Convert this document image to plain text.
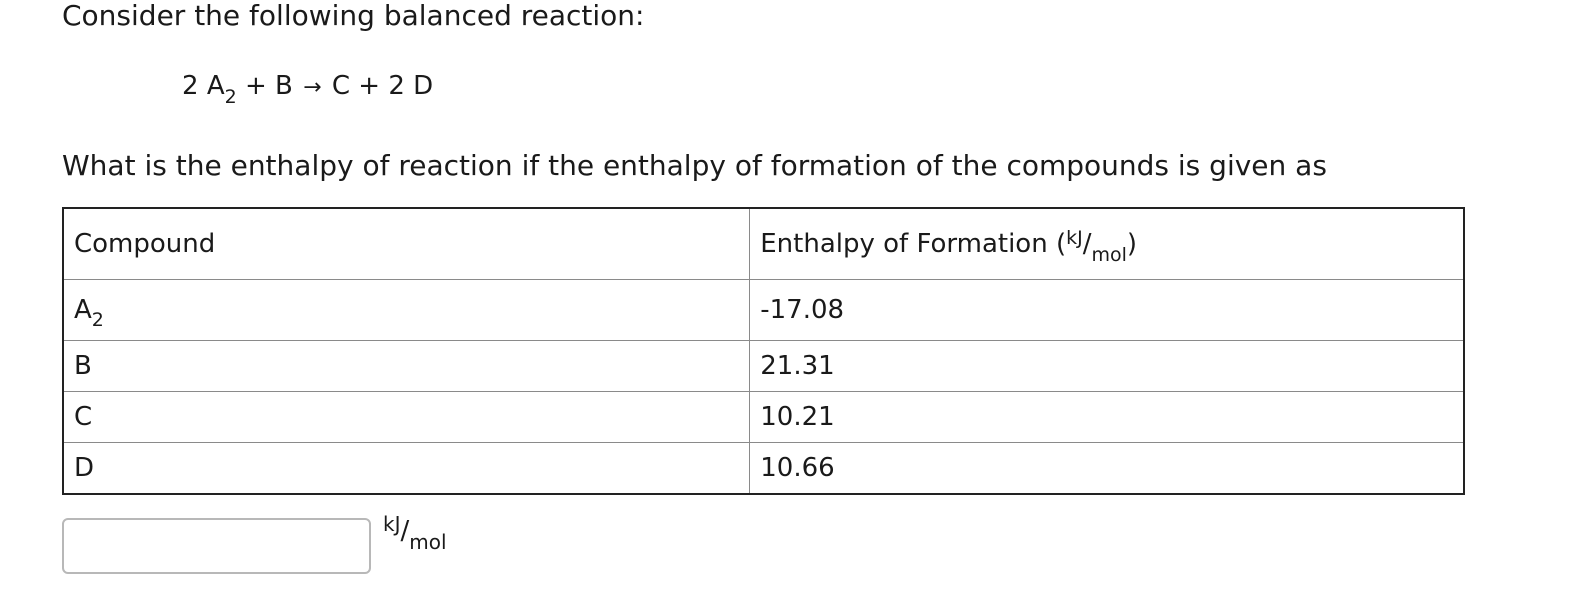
Consider the following balanced reaction:
2 $A_2 + B \to C + 2$ D
What is the enthalpy of reaction if the enthalpy of formation of the compounds is given as
Compound	Enthalpy of Formation $(^{kJ}/_{mol})$
$A_2$	-17.08
B	21.31
C	10.21
D	10.66
$^{kJ}/_{mol}$
